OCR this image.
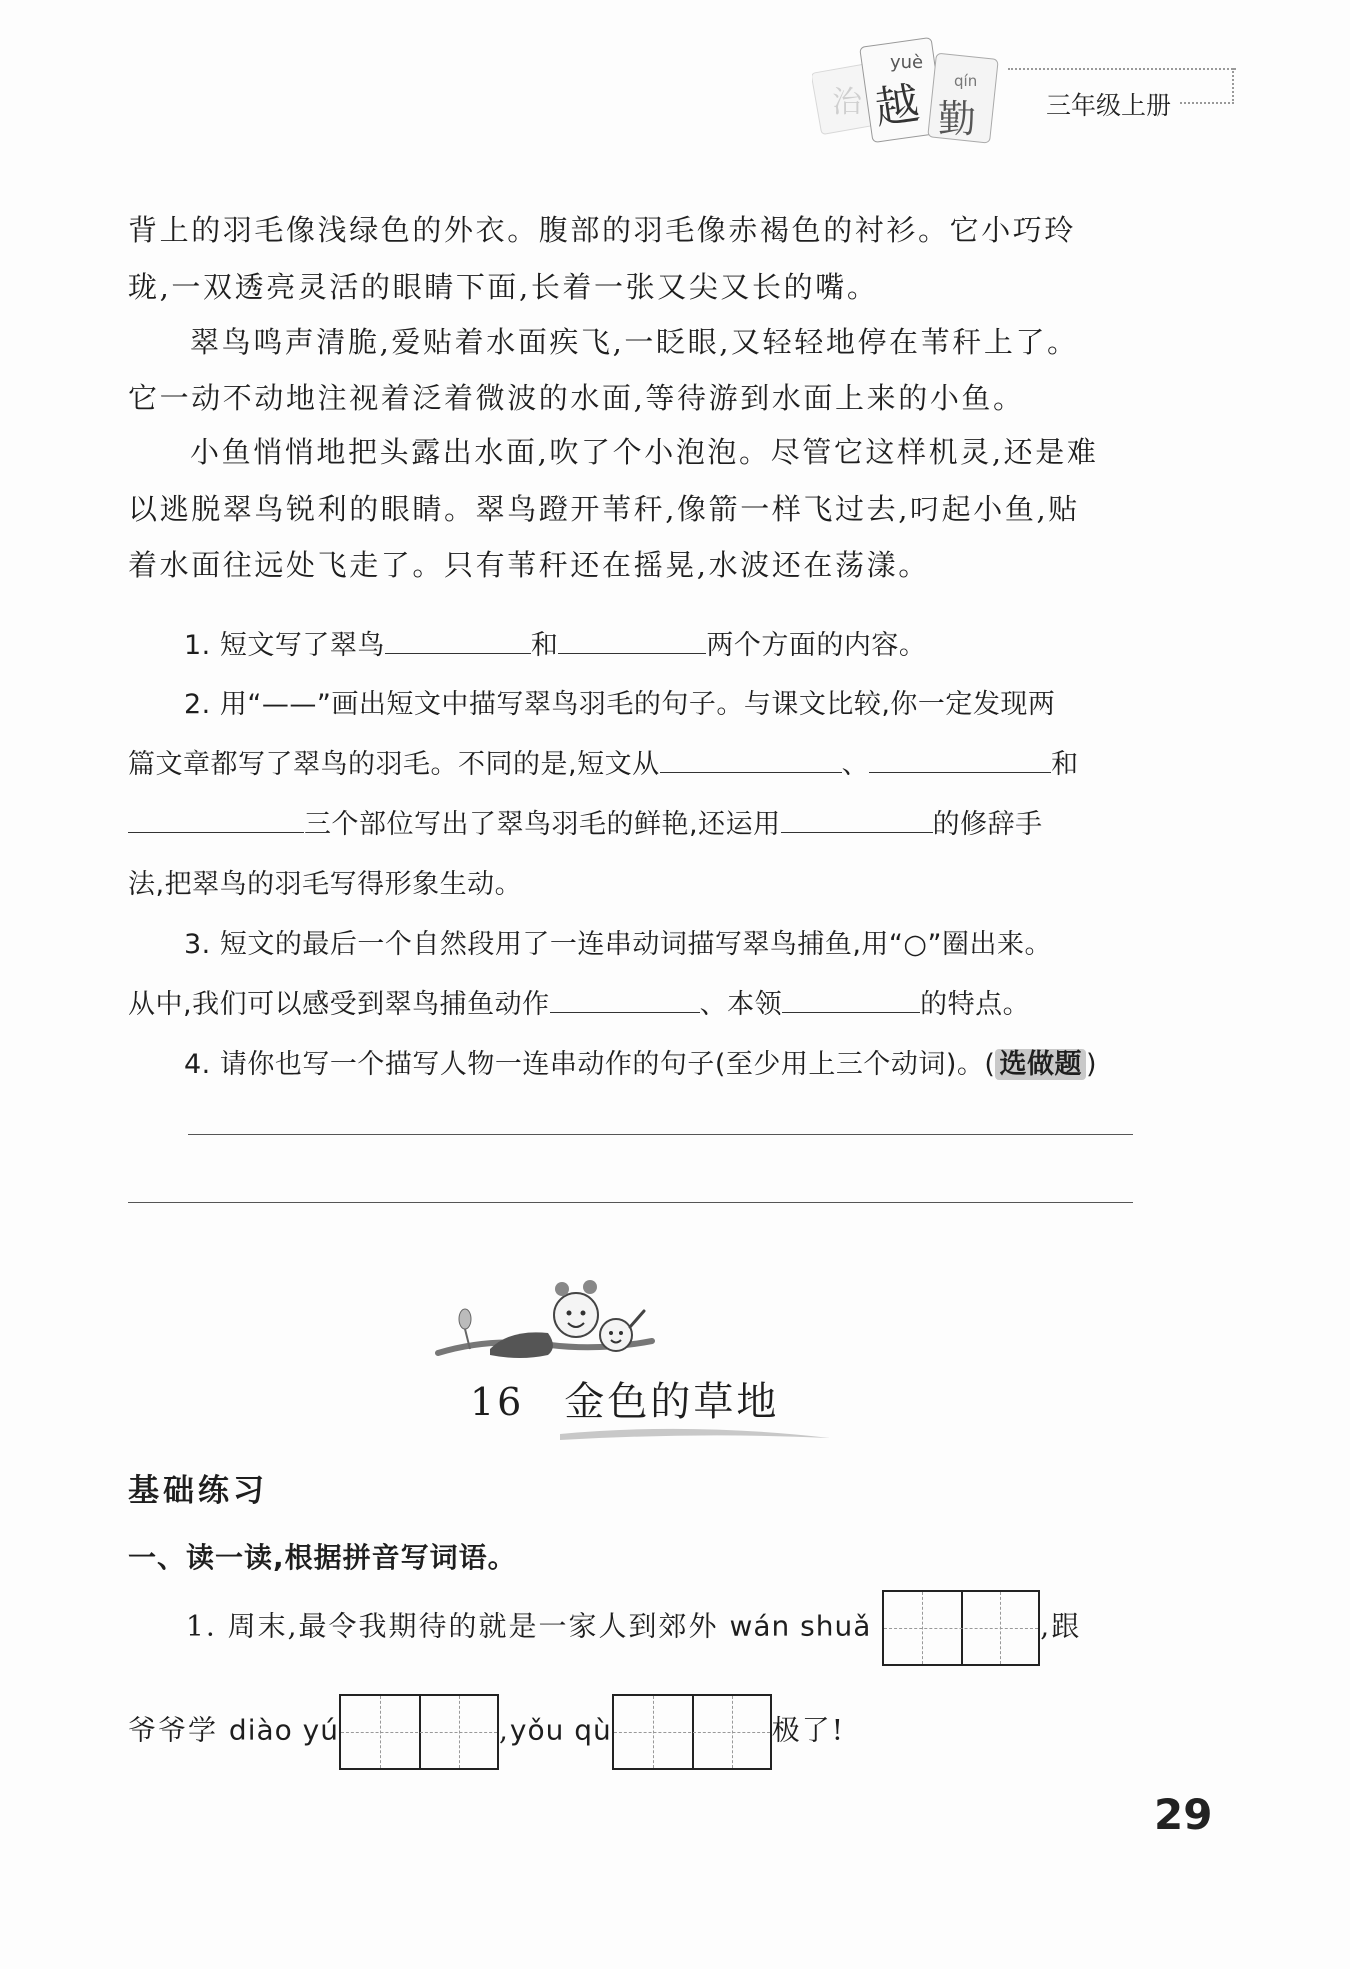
治
yuè
越 qín
勤	三年级上册
背上的羽毛像浅绿色的外衣。腹部的羽毛像赤褐色的衬衫。它小巧玲
珑,一双透亮灵活的眼睛下面,长着一张又尖又长的嘴。
翠鸟鸣声清脆,爱贴着水面疾飞,一眨眼,又轻轻地停在苇秆上了。
它一动不动地注视着泛着微波的水面,等待游到水面上来的小鱼。
小鱼悄悄地把头露出水面,吹了个小泡泡。尽管它这样机灵,还是难
以逃脱翠鸟锐利的眼睛。翠鸟蹬开苇秆,像箭一样飞过去,叼起小鱼,贴
着水面往远处飞走了。只有苇秆还在摇晃,水波还在荡漾。
1. 短文写了翠鸟	和	两个方面的内容。
2. 用“——”画出短文中描写翠鸟羽毛的句子。与课文比较,你一定发现两
篇文章都写了翠鸟的羽毛。不同的是,短文从	、	和
三个部位写出了翠鸟羽毛的鲜艳,还运用	的修辞手
法,把翠鸟的羽毛写得形象生动。
3. 短文的最后一个自然段用了一连串动词描写翠鸟捕鱼,用“○”圈出来。
从中,我们可以感受到翠鸟捕鱼动作	、本领	的特点。
4. 请你也写一个描写人物一连串动作的句子(至少用上三个动词)。( 选做题 )
16 金色的草地
基础练习
一、读一读,根据拼音写词语。
1. 周末,最令我期待的就是一家人到郊外 wán shuǎ	,跟
爷爷学 diào yú	,yǒu qù	极了!
29
